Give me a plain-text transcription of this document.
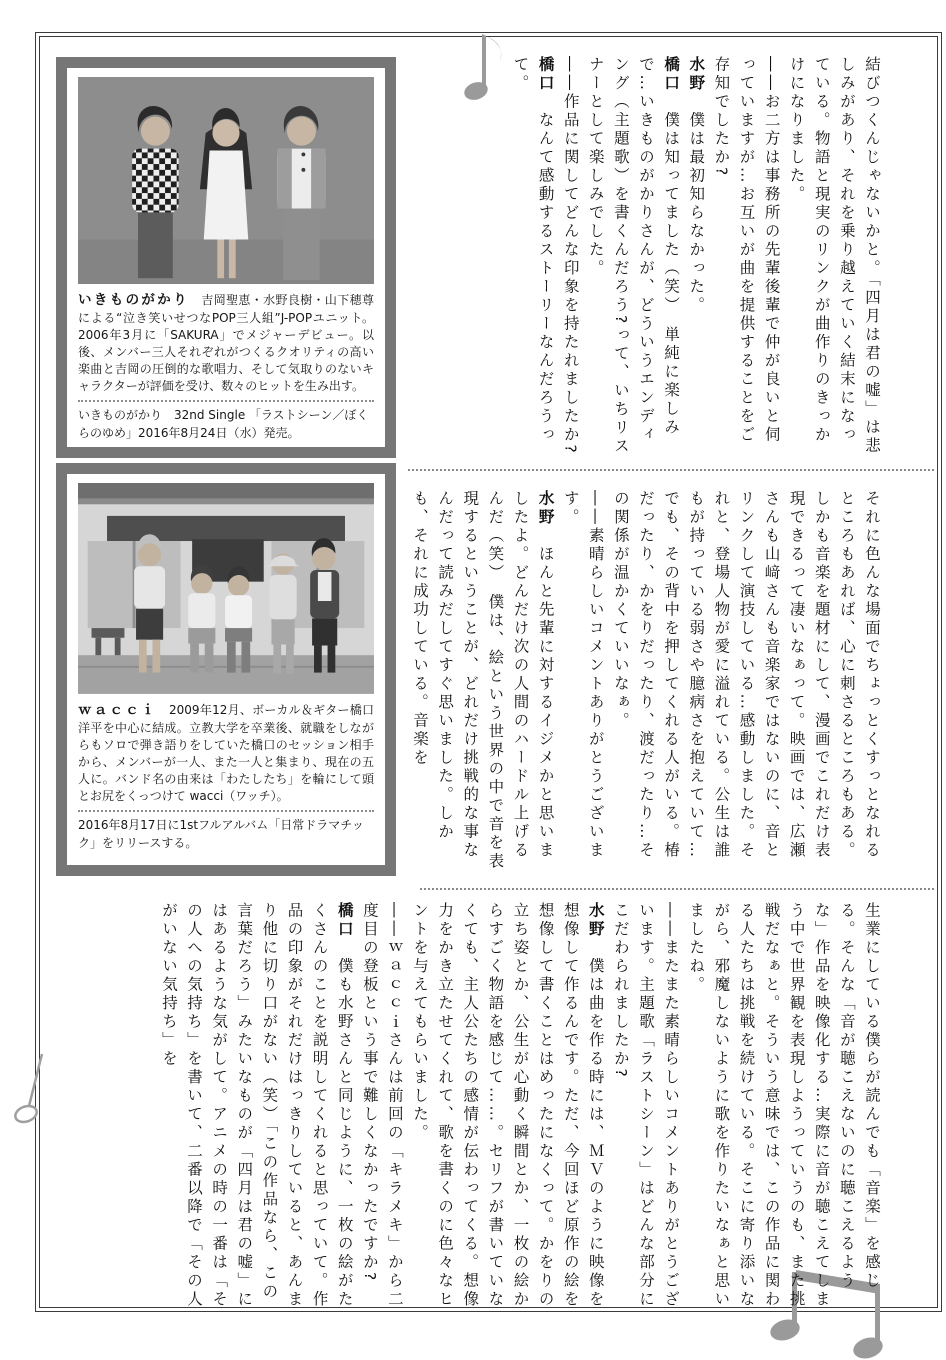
いきものがかり　 吉岡聖恵・水野良樹・山下穂尊による“泣き笑いせつなPOP三人組”J-POPユニット。2006年3月に「SAKURA」でメジャーデビュー。以後、メンバー三人それぞれがつくるクオリティの高い楽曲と吉岡の圧倒的な歌唱力、そして気取りのないキャラクターが評価を受け、数々のヒットを生み出す。

いきものがかり　32nd Single 「ラストシーン／ぼくらのゆめ」2016年8月24日（水）発売。

ｗａｃｃｉ　 2009年12月、ボーカル＆ギター橋口洋平を中心に結成。立教大学を卒業後、就職をしながらもソロで弾き語りをしていた橋口のセッション相手から、メンバーが一人、また一人と集まり、現在の五人に。バンド名の由来は「わたしたち」を輪にして頭とお尻をくっつけて wacci（ワッチ）。

2016年8月17日に1stフルアルバム「日常ドラマチック」をリリースする。

結びつくんじゃないかと。「四月は君の嘘」は悲しみがあり、それを乗り越えていく結末になっている。物語と現実のリンクが曲作りのきっかけになりました。

――お二方は事務所の先輩後輩で仲が良いと伺っていますが…お互いが曲を提供することをご存知でしたか?

水野　僕は最初知らなかった。

橋口　僕は知ってました（笑）　単純に楽しみで…いきものがかりさんが、どういうエンディング（主題歌）を書くんだろう?って、いちリスナーとして楽しみでした。

――作品に関してどんな印象を持たれましたか?

橋口　なんて感動するストーリーなんだろうって。

それに色んな場面でちょっとくすっとなれるところもあれば、心に刺さるところもある。しかも音楽を題材にして、漫画でこれだけ表現できるって凄いなぁって。映画では、広瀬さんも山﨑さんも音楽家ではないのに、音とリンクして演技している…感動しました。それと、登場人物が愛に溢れている。公生は誰もが持っている弱さや臆病さを抱えていて…でも、その背中を押してくれる人がいる。椿だったり、かをりだったり、渡だったり…その関係が温かくていいなぁ。

――素晴らしいコメントありがとうございます。

水野　ほんと先輩に対するイジメかと思いましたよ。どんだけ次の人間のハードル上げるんだ（笑）　僕は、絵という世界の中で音を表現するということが、どれだけ挑戦的な事なんだって読みだしてすぐ思いました。しかも、それに成功している。音楽を

生業にしている僕らが読んでも「音楽」を感じる。そんな「音が聴こえないのに聴こえるような」作品を映像化する…実際に音が聴こえてしまう中で世界観を表現しようっていうのも、また挑戦だなぁと。そういう意味では、この作品に関わる人たちは挑戦を続けている。そこに寄り添いながら、邪魔しないように歌を作りたいなぁと思いましたね。

――またまた素晴らしいコメントありがとうございます。主題歌「ラストシーン」はどんな部分にこだわられましたか?

水野　僕は曲を作る時には、ＭＶのように映像を想像して作るんです。ただ、今回ほど原作の絵を想像して書くことはめったになくって。かをりの立ち姿とか、公生が心動く瞬間とか、一枚の絵からすごく物語を感じて……。セリフが書いていなくても、主人公たちの感情が伝わってくる。想像力をかき立たせてくれて、歌を書くのに色々なヒントを与えてもらいました。

――ｗａｃｃｉさんは前回の「キラメキ」から二度目の登板という事で難しくなかったですか?

橋口　僕も水野さんと同じように、一枚の絵がたくさんのことを説明してくれると思っていて。作品の印象がそれだけはっきりしていると、あんまり他に切り口がない（笑）「この作品なら、この言葉だろう」みたいなものが「四月は君の嘘」にはあるような気がして。アニメの時の一番は「その人への気持ち」を書いて、二番以降で「その人がいない気持ち」を
